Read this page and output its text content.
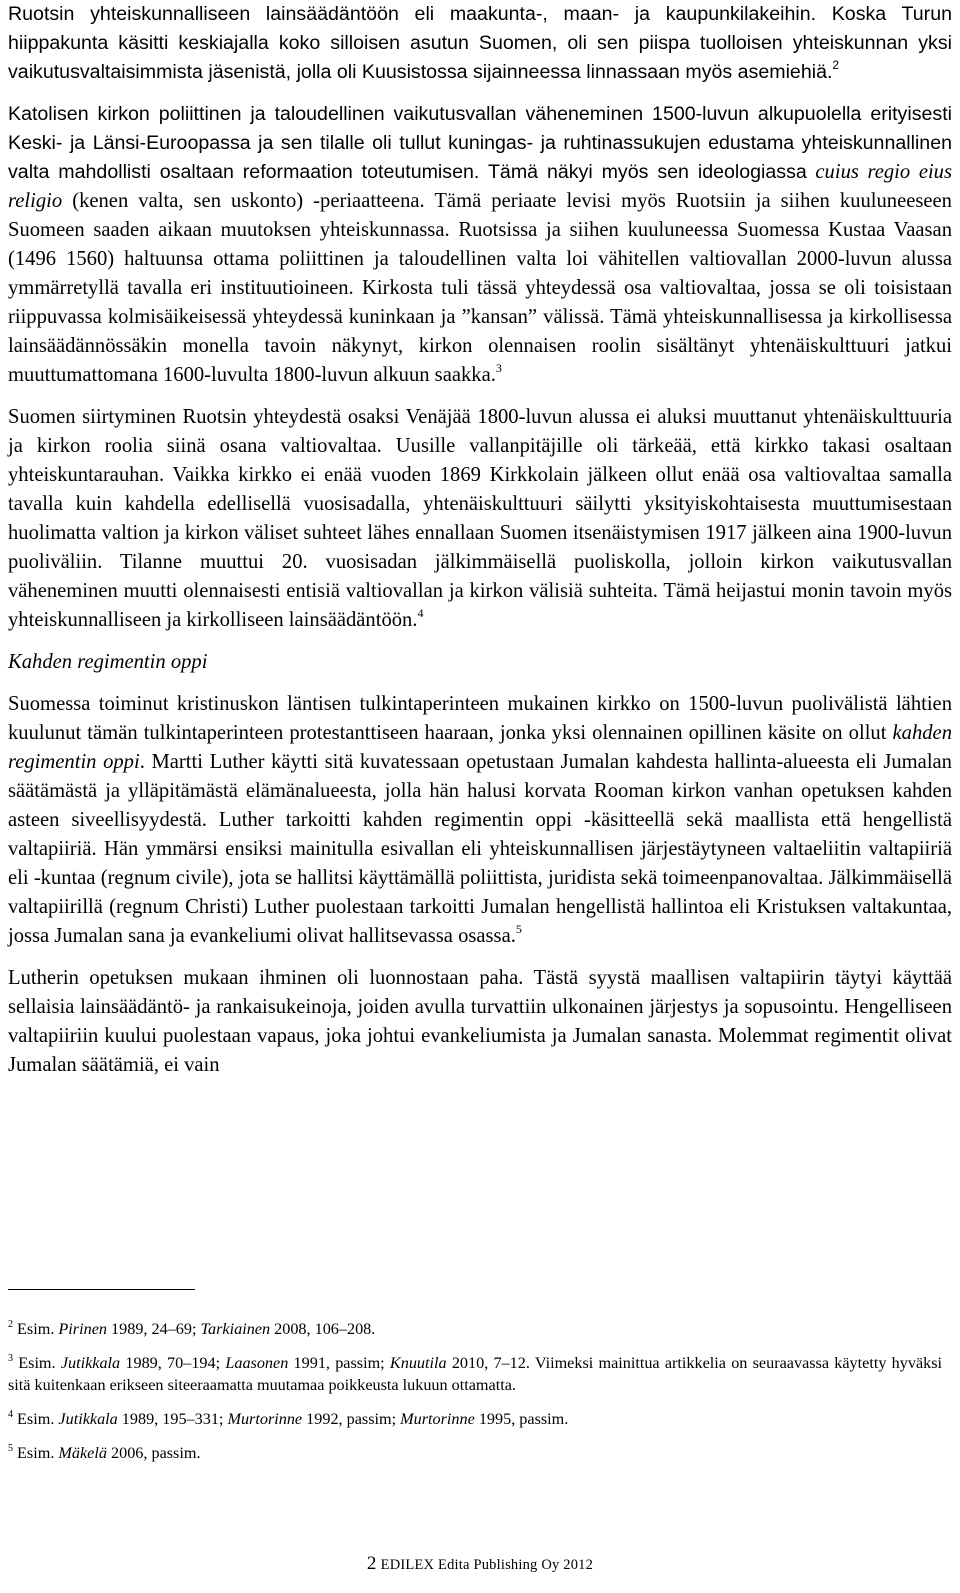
Ruotsin yhteiskunnalliseen lainsäädäntöön eli maakunta-, maan- ja kaupunkilakeihin. Koska Turun hiippakunta käsitti keskiajalla koko silloisen asutun Suomen, oli sen piispa tuolloisen yhteiskunnan yksi vaikutusvaltaisimmista jäsenistä, jolla oli Kuusistossa sijainneessa linnassaan myös asemiehiä.$^2$

Katolisen kirkon poliittinen ja taloudellinen vaikutusvallan väheneminen 1500-luvun alkupuolella erityisesti Keski- ja Länsi-Euroopassa ja sen tilalle oli tullut kuningas- ja ruhtinassukujen edustama yhteiskunnallinen valta mahdollisti osaltaan reformaation toteutumisen. Tämä näkyi myös sen ideologiassa cuius regio eius religio (kenen valta, sen uskonto) -periaatteena. Tämä periaate levisi myös Ruotsiin ja siihen kuuluneeseen Suomeen saaden aikaan muutoksen yhteiskunnassa. Ruotsissa ja siihen kuuluneessa Suomessa Kustaa Vaasan (1496 1560) haltuunsa ottama poliittinen ja taloudellinen valta loi vähitellen valtiovallan 2000-luvun alussa ymmärretyllä tavalla eri instituutioineen. Kirkosta tuli tässä yhteydessä osa valtiovaltaa, jossa se oli toisistaan riippuvassa kolmisäikeisessä yhteydessä kuninkaan ja ”kansan” välissä. Tämä yhteiskunnallisessa ja kirkollisessa lainsäädännössäkin monella tavoin näkynyt, kirkon olennaisen roolin sisältänyt yhtenäiskulttuuri jatkui muuttumattomana 1600-luvulta 1800-luvun alkuun saakka.$^3$

Suomen siirtyminen Ruotsin yhteydestä osaksi Venäjää 1800-luvun alussa ei aluksi muuttanut yhtenäiskulttuuria ja kirkon roolia siinä osana valtiovaltaa. Uusille vallanpitäjille oli tärkeää, että kirkko takasi osaltaan yhteiskuntarauhan. Vaikka kirkko ei enää vuoden 1869 Kirkkolain jälkeen ollut enää osa valtiovaltaa samalla tavalla kuin kahdella edellisellä vuosisadalla, yhtenäiskulttuuri säilytti yksityiskohtaisesta muuttumisestaan huolimatta valtion ja kirkon väliset suhteet lähes ennallaan Suomen itsenäistymisen 1917 jälkeen aina 1900-luvun puoliväliin. Tilanne muuttui 20. vuosisadan jälkimmäisellä puoliskolla, jolloin kirkon vaikutusvallan väheneminen muutti olennaisesti entisiä valtiovallan ja kirkon välisiä suhteita. Tämä heijastui monin tavoin myös yhteiskunnalliseen ja kirkolliseen lainsäädäntöön.$^4$

Kahden regimentin oppi

Suomessa toiminut kristinuskon läntisen tulkintaperinteen mukainen kirkko on 1500-luvun puolivälistä lähtien kuulunut tämän tulkintaperinteen protestanttiseen haaraan, jonka yksi olennainen opillinen käsite on ollut kahden regimentin oppi. Martti Luther käytti sitä kuvatessaan opetustaan Jumalan kahdesta hallinta-alueesta eli Jumalan säätämästä ja ylläpitämästä elämänalueesta, jolla hän halusi korvata Rooman kirkon vanhan opetuksen kahden asteen siveellisyydestä. Luther tarkoitti kahden regimentin oppi -käsitteellä sekä maallista että hengellistä valtapiiriä. Hän ymmärsi ensiksi mainitulla esivallan eli yhteiskunnallisen järjestäytyneen valtaeliitin valtapiiriä eli -kuntaa (regnum civile), jota se hallitsi käyttämällä poliittista, juridista sekä toimeenpanovaltaa. Jälkimmäisellä valtapiirillä (regnum Christi) Luther puolestaan tarkoitti Jumalan hengellistä hallintoa eli Kristuksen valtakuntaa, jossa Jumalan sana ja evankeliumi olivat hallitsevassa osassa.$^5$

Lutherin opetuksen mukaan ihminen oli luonnostaan paha. Tästä syystä maallisen valtapiirin täytyi käyttää sellaisia lainsäädäntö- ja rankaisukeinoja, joiden avulla turvattiin ulkonainen järjestys ja sopusointu. Hengelliseen valtapiiriin kuului puolestaan vapaus, joka johtui evankeliumista ja Jumalan sanasta. Molemmat regimentit olivat Jumalan säätämiä, ei vain

$^2$ Esim. Pirinen 1989, 24–69; Tarkiainen 2008, 106–208.

$^3$ Esim. Jutikkala 1989, 70–194; Laasonen 1991, passim; Knuutila 2010, 7–12. Viimeksi mainittua artikkelia on seuraavassa käytetty hyväksi sitä kuitenkaan erikseen siteeraamatta muutamaa poikkeusta lukuun ottamatta.

$^4$ Esim. Jutikkala 1989, 195–331; Murtorinne 1992, passim; Murtorinne 1995, passim.

$^5$ Esim. Mäkelä 2006, passim.

2 EDILEX Edita Publishing Oy 2012
